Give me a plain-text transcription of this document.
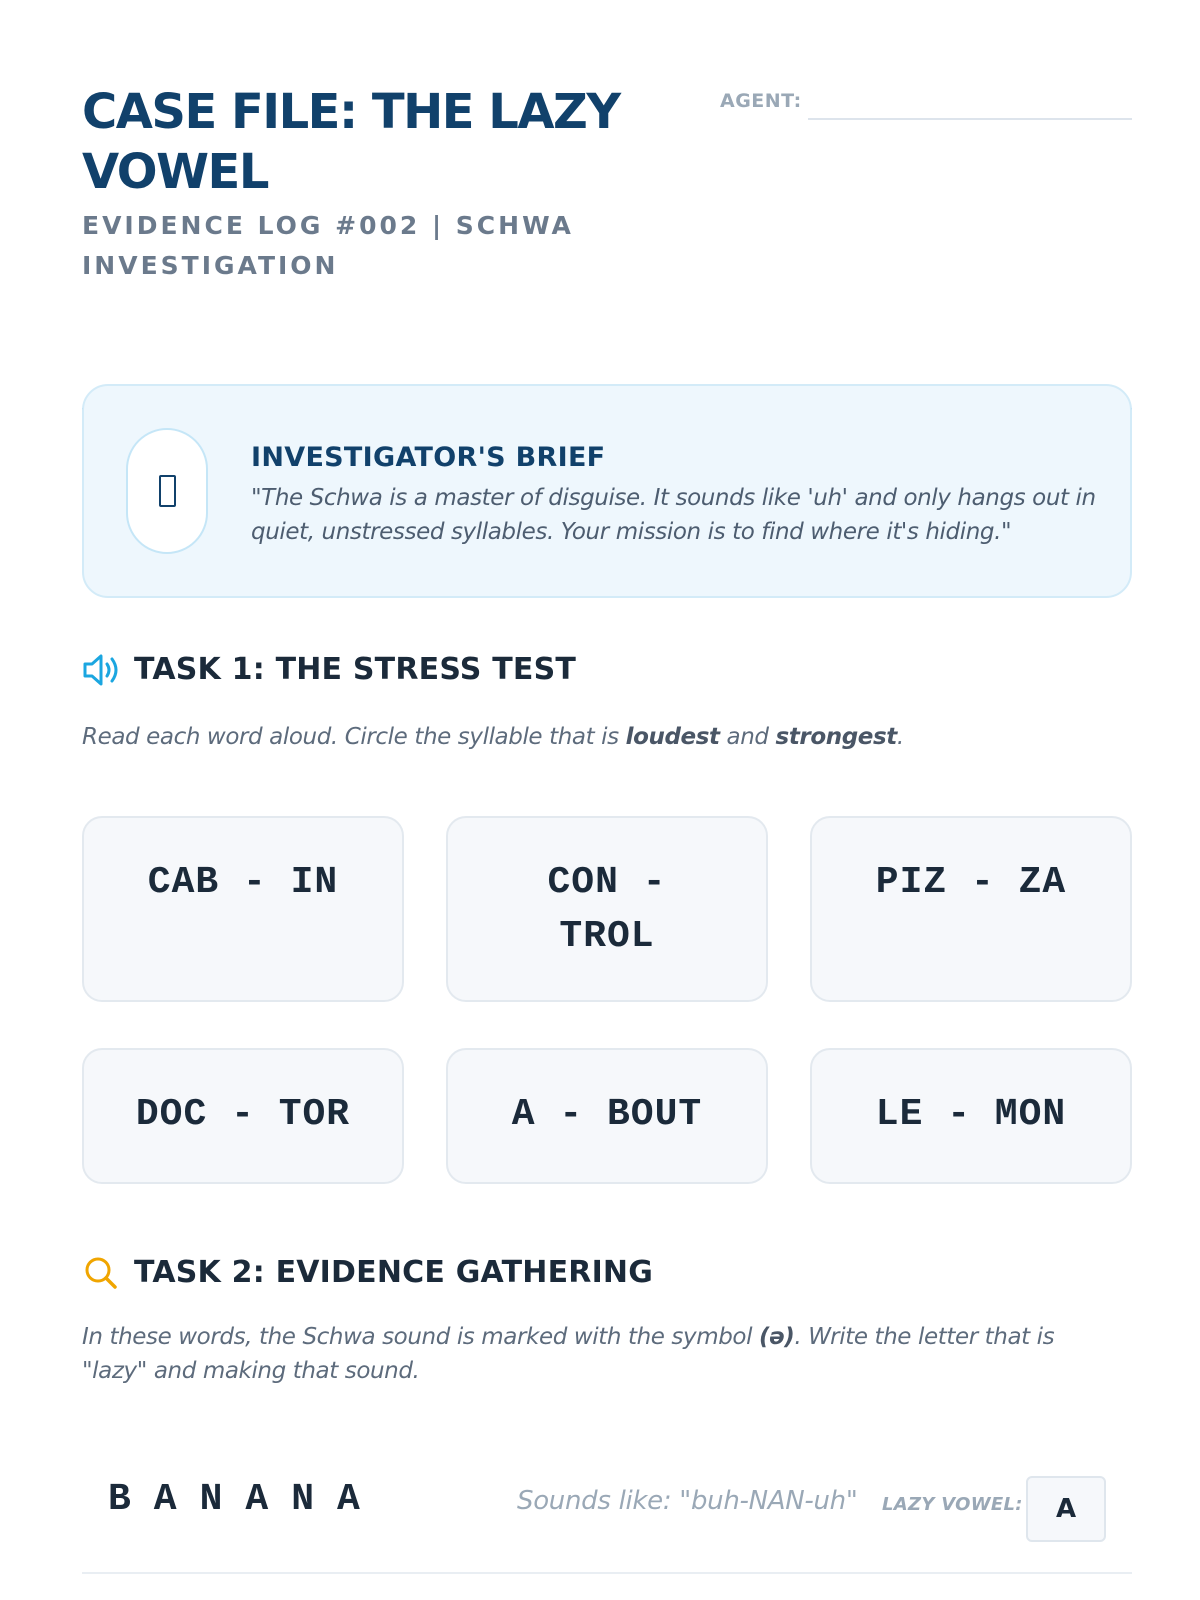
CASE FILE: THE LAZY VOWEL
EVIDENCE LOG #002 | SCHWA INVESTIGATION
AGENT:
INVESTIGATOR'S BRIEF
"The Schwa is a master of disguise. It sounds like 'uh' and only hangs out in quiet, unstressed syllables. Your mission is to find where it's hiding."
TASK 1: THE STRESS TEST
Read each word aloud. Circle the syllable that is loudest and strongest.
CAB - IN	CON - TROL
PIZ - ZA
DOC - TOR	A - BOUT	LE - MON
TASK 2: EVIDENCE GATHERING
In these words, the Schwa sound is marked with the symbol (ə). Write the letter that is "lazy" and making that sound.
BANANA	Sounds like: "buh-NAN-uh" LAZY VOWEL:	A
